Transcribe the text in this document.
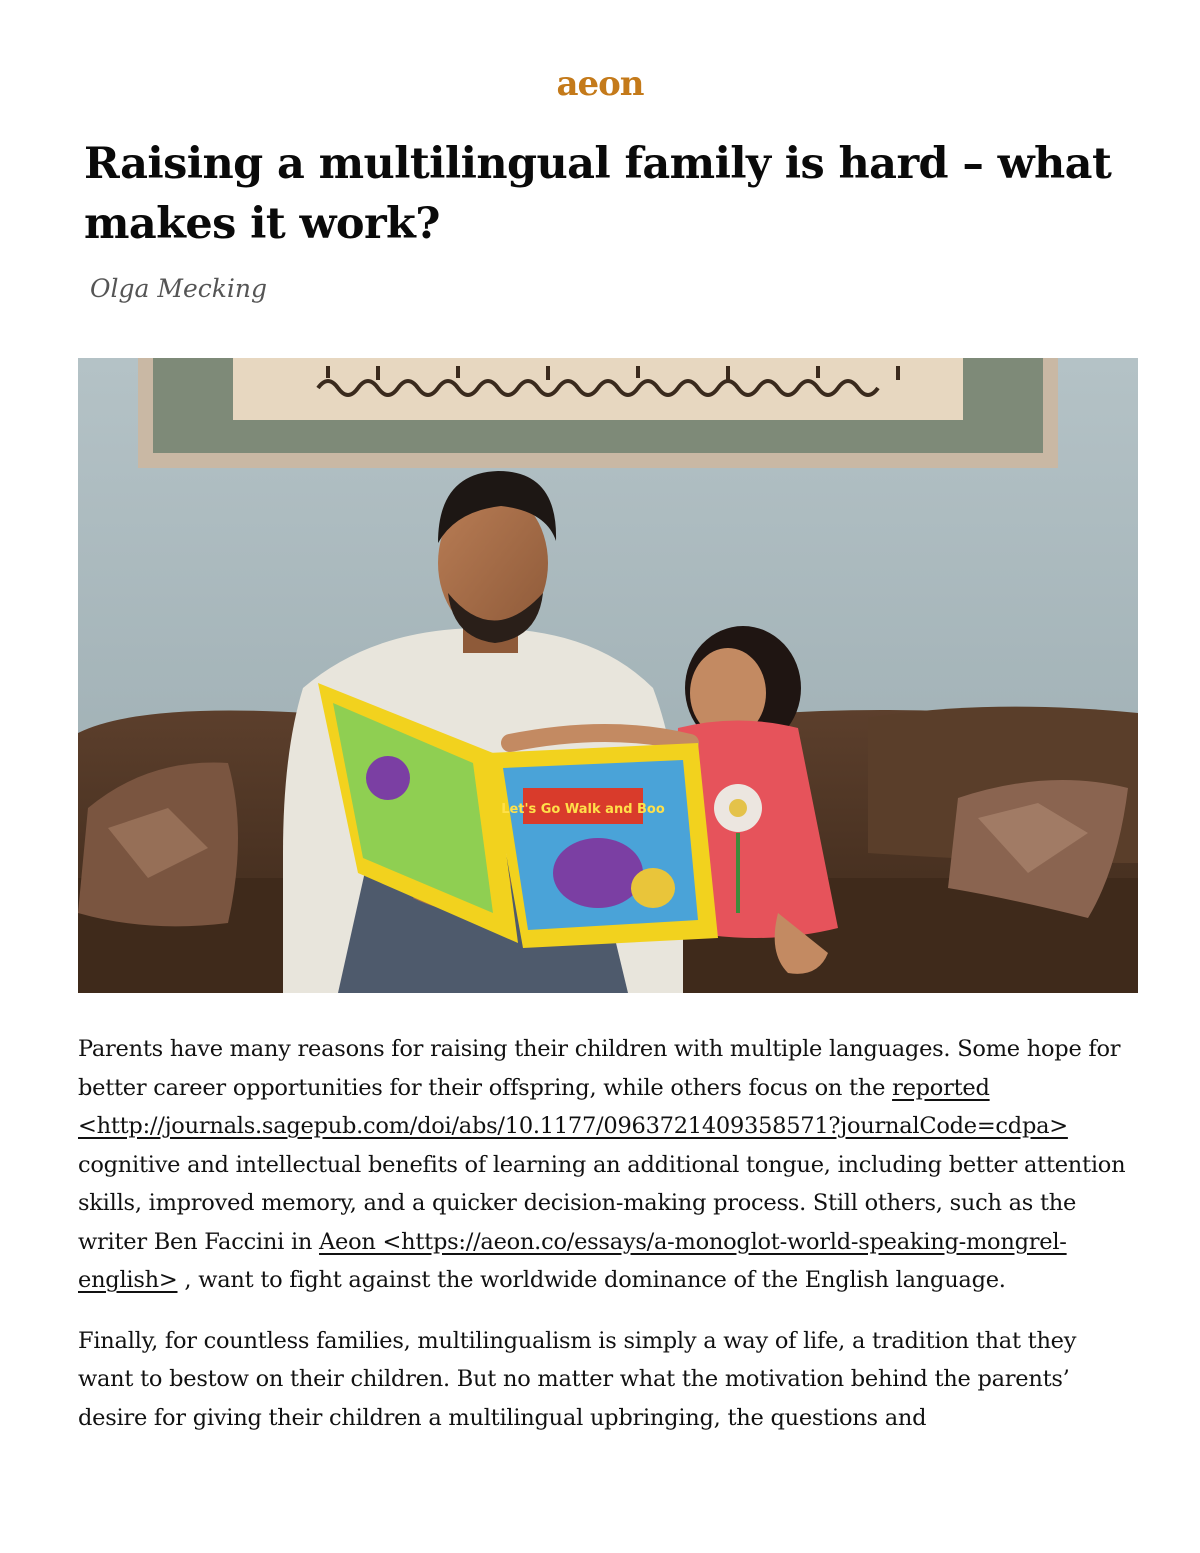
aeon
Raising a multilingual family is hard – what makes it work?
Olga Mecking
Let's Go Walk and Boo

Parents have many reasons for raising their children with multiple languages. Some hope for better career opportunities for their offspring, while others focus on the reported <http://journals.sagepub.com/doi/abs/10.1177/0963721409358571?journalCode=cdpa> cognitive and intellectual benefits of learning an additional tongue, including better attention skills, improved memory, and a quicker decision-making process. Still others, such as the writer Ben Faccini in Aeon <https://aeon.co/essays/a-monoglot-world-speaking-mongrel-english> , want to fight against the worldwide dominance of the English language.

Finally, for countless families, multilingualism is simply a way of life, a tradition that they want to bestow on their children. But no matter what the motivation behind the parents’ desire for giving their children a multilingual upbringing, the questions and
